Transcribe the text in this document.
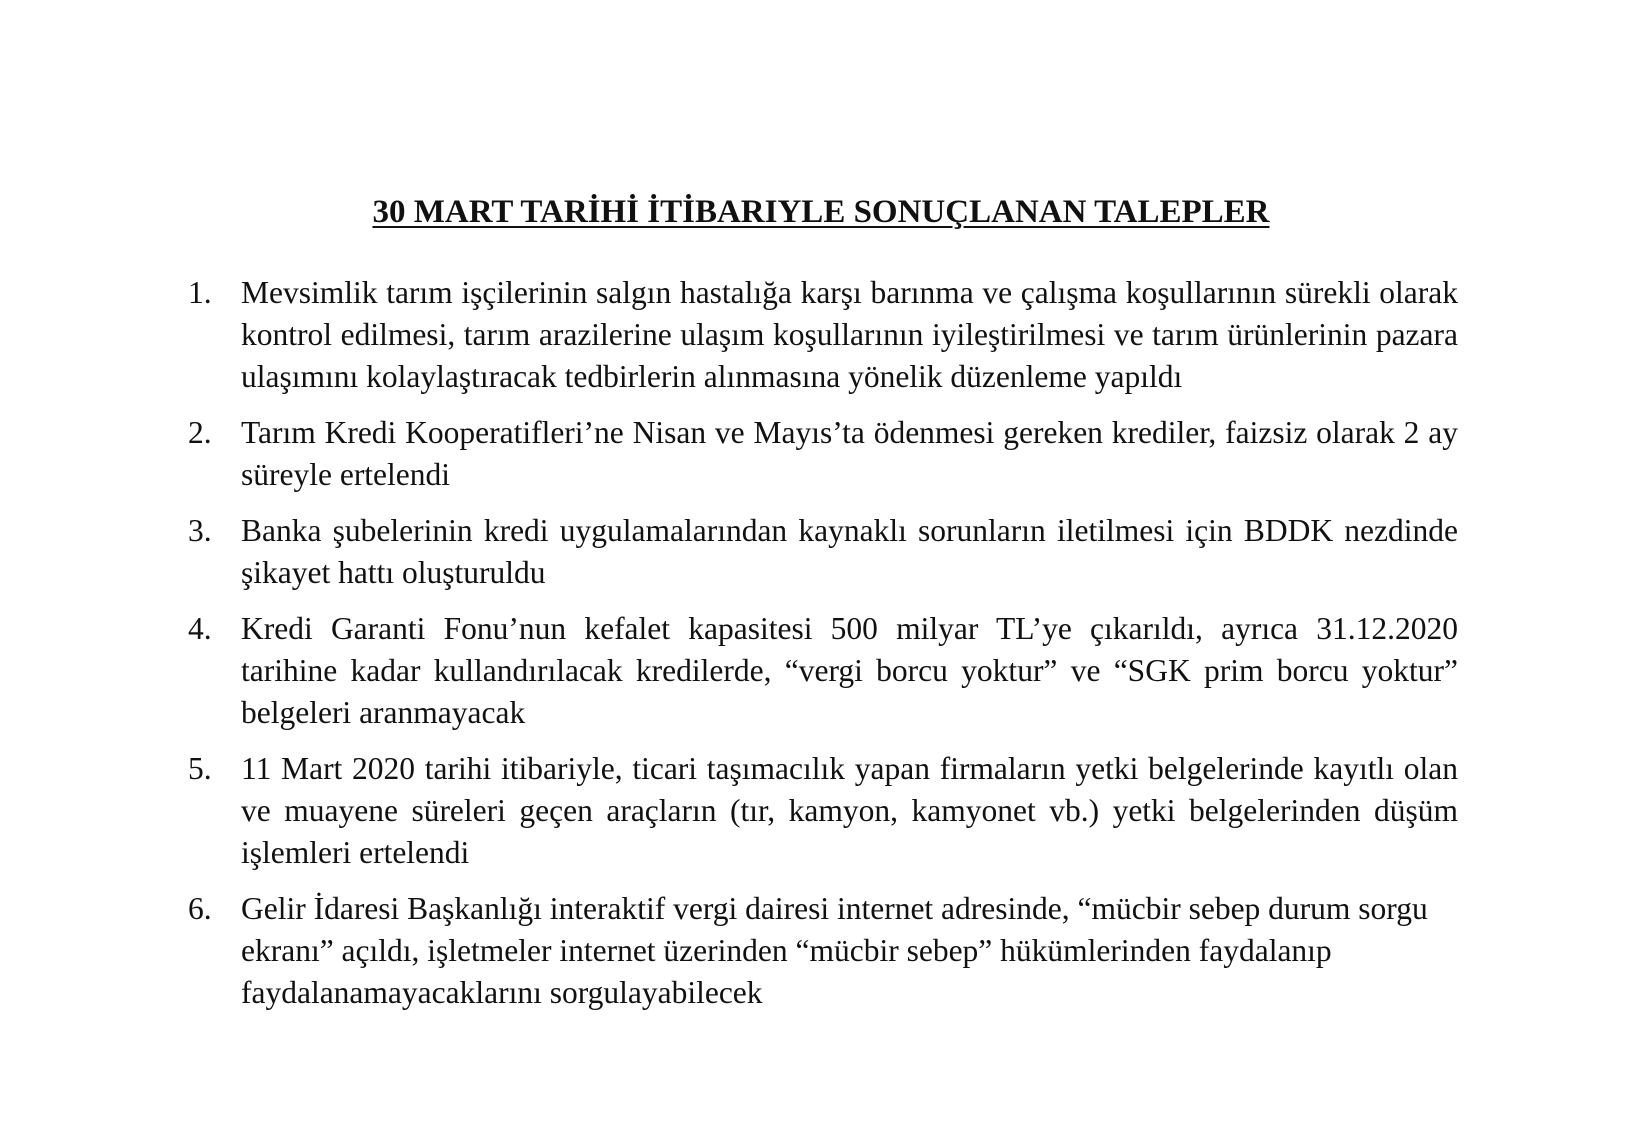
30 MART TARİHİ İTİBARIYLE SONUÇLANAN TALEPLER
1. Mevsimlik tarım işçilerinin salgın hastalığa karşı barınma ve çalışma koşullarının sürekli olarak kontrol edilmesi, tarım arazilerine ulaşım koşullarının iyileştirilmesi ve tarım ürünlerinin pazara ulaşımını kolaylaştıracak tedbirlerin alınmasına yönelik düzenleme yapıldı
2. Tarım Kredi Kooperatifleri’ne Nisan ve Mayıs’ta ödenmesi gereken krediler, faizsiz olarak 2 ay süreyle ertelendi
3. Banka şubelerinin kredi uygulamalarından kaynaklı sorunların iletilmesi için BDDK nezdinde şikayet hattı oluşturuldu
4. Kredi Garanti Fonu’nun kefalet kapasitesi 500 milyar TL’ye çıkarıldı, ayrıca 31.12.2020 tarihine kadar kullandırılacak kredilerde, “vergi borcu yoktur” ve “SGK prim borcu yoktur” belgeleri aranmayacak
5. 11 Mart 2020 tarihi itibariyle, ticari taşımacılık yapan firmaların yetki belgelerinde kayıtlı olan ve muayene süreleri geçen araçların (tır, kamyon, kamyonet vb.) yetki belgelerinden düşüm işlemleri ertelendi
6. Gelir İdaresi Başkanlığı interaktif vergi dairesi internet adresinde, “mücbir sebep durum sorgu ekranı” açıldı, işletmeler internet üzerinden “mücbir sebep” hükümlerinden faydalanıp faydalanamayacaklarını sorgulayabilecek
